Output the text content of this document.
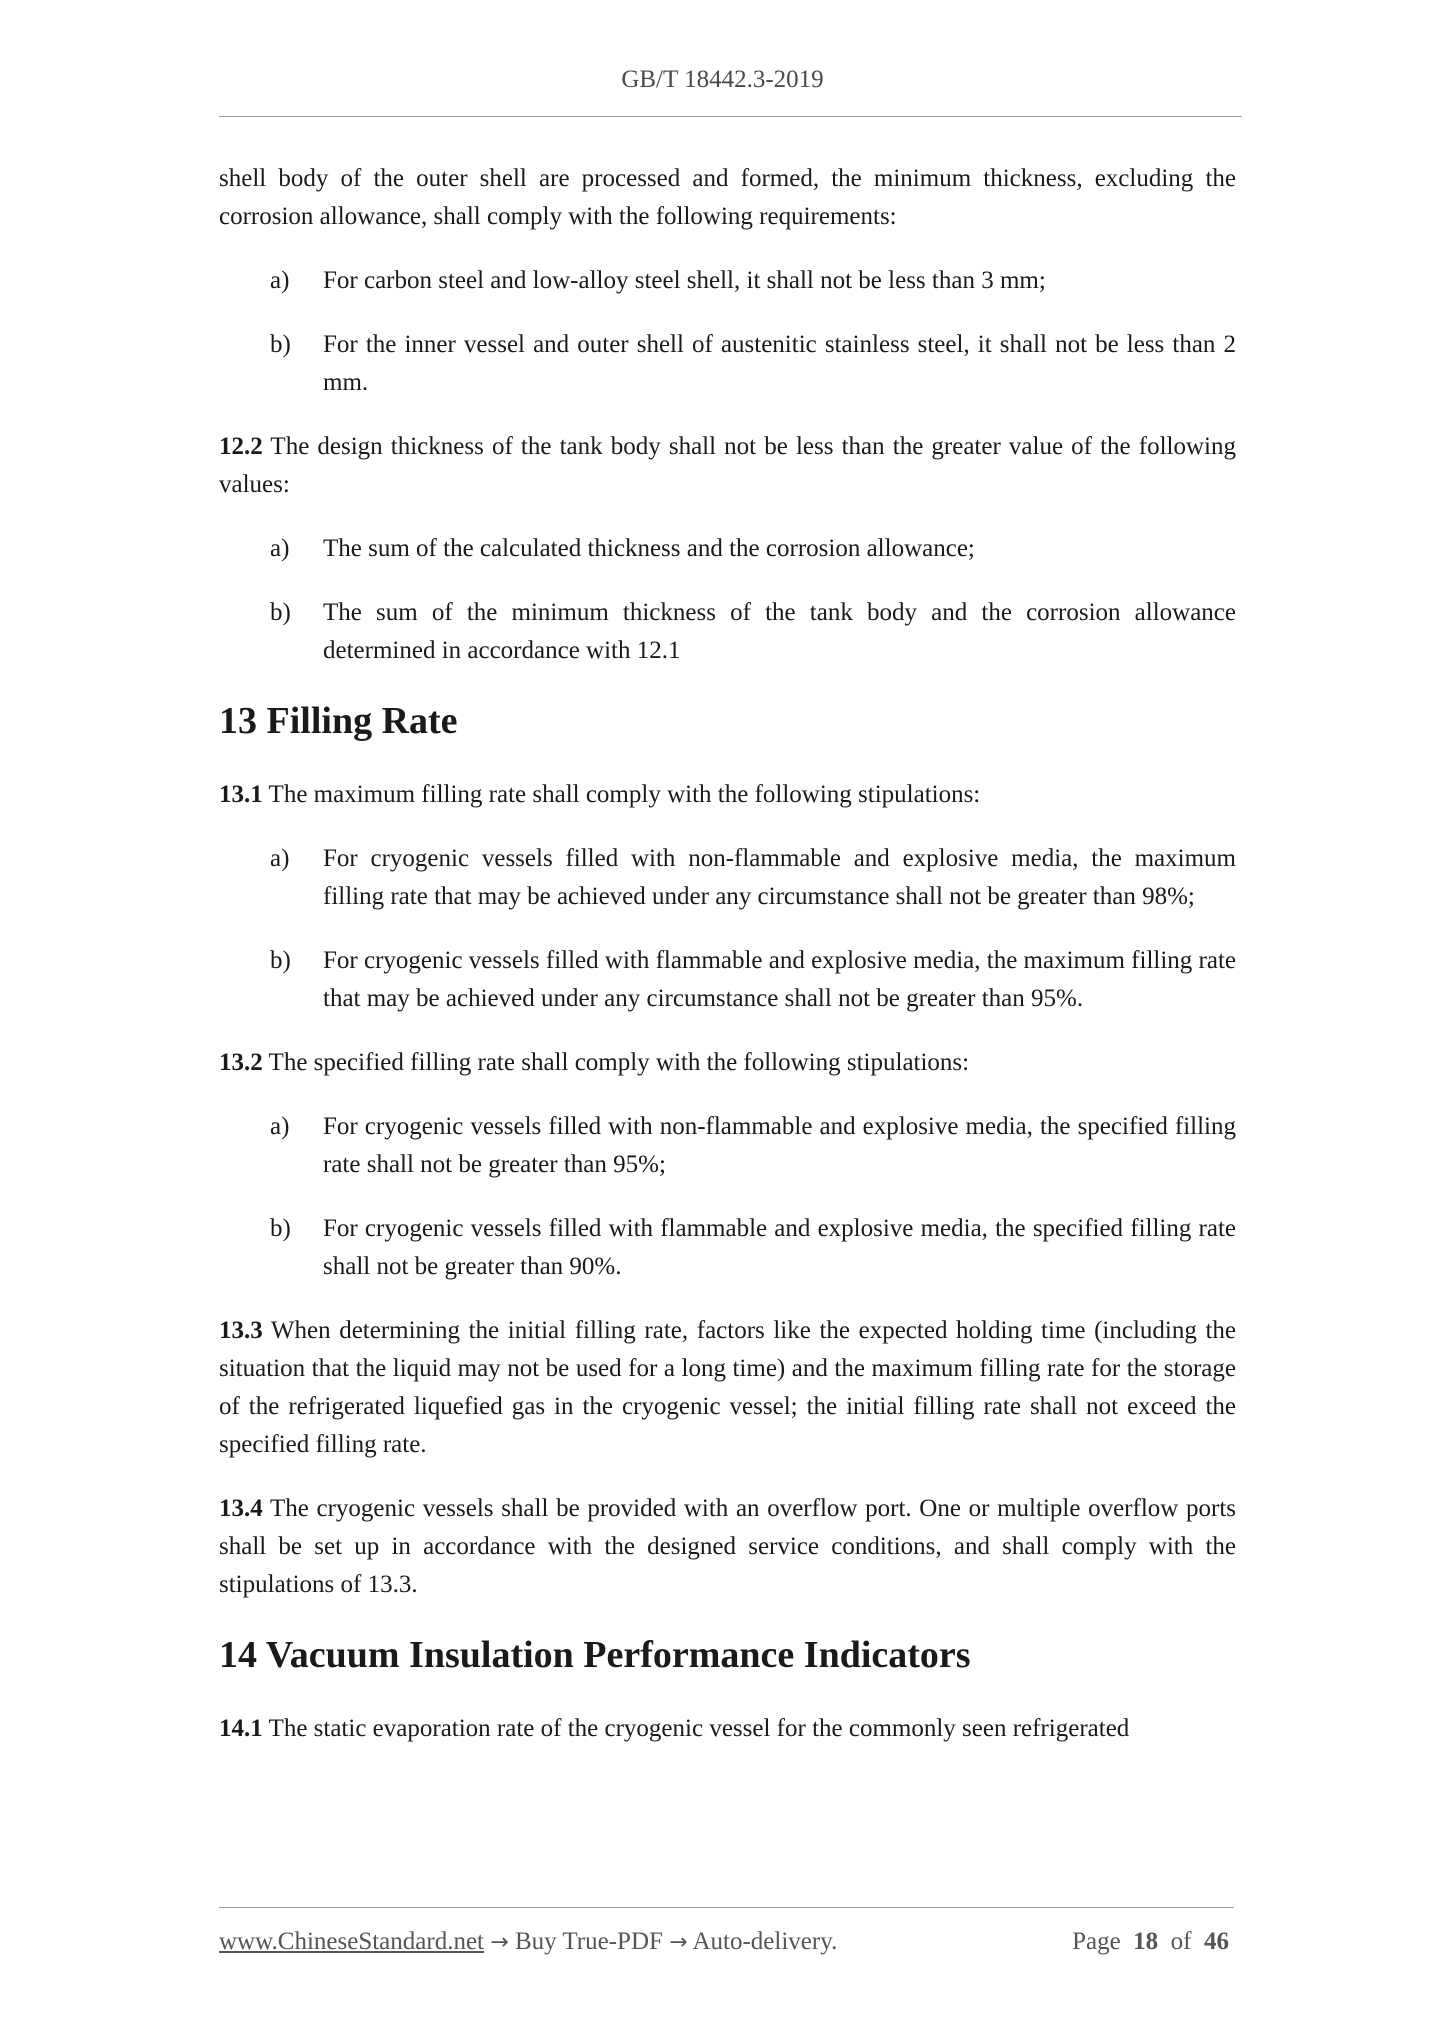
GB/T 18442.3-2019

shell body of the outer shell are processed and formed, the minimum thickness, excluding the corrosion allowance, shall comply with the following requirements:

a) For carbon steel and low-alloy steel shell, it shall not be less than 3 mm;
b) For the inner vessel and outer shell of austenitic stainless steel, it shall not be less than 2 mm.

12.2 The design thickness of the tank body shall not be less than the greater value of the following values:

a) The sum of the calculated thickness and the corrosion allowance;
b) The sum of the minimum thickness of the tank body and the corrosion allowance determined in accordance with 12.1
13 Filling Rate

13.1 The maximum filling rate shall comply with the following stipulations:

a) For cryogenic vessels filled with non-flammable and explosive media, the maximum filling rate that may be achieved under any circumstance shall not be greater than 98%;
b) For cryogenic vessels filled with flammable and explosive media, the maximum filling rate that may be achieved under any circumstance shall not be greater than 95%.

13.2 The specified filling rate shall comply with the following stipulations:

a) For cryogenic vessels filled with non-flammable and explosive media, the specified filling rate shall not be greater than 95%;
b) For cryogenic vessels filled with flammable and explosive media, the specified filling rate shall not be greater than 90%.

13.3 When determining the initial filling rate, factors like the expected holding time (including the situation that the liquid may not be used for a long time) and the maximum filling rate for the storage of the refrigerated liquefied gas in the cryogenic vessel; the initial filling rate shall not exceed the specified filling rate.

13.4 The cryogenic vessels shall be provided with an overflow port. One or multiple overflow ports shall be set up in accordance with the designed service conditions, and shall comply with the stipulations of 13.3.

14 Vacuum Insulation Performance Indicators

14.1 The static evaporation rate of the cryogenic vessel for the commonly seen refrigerated

www.ChineseStandard.net → Buy True-PDF → Auto-delivery.	Page 18 of 46
